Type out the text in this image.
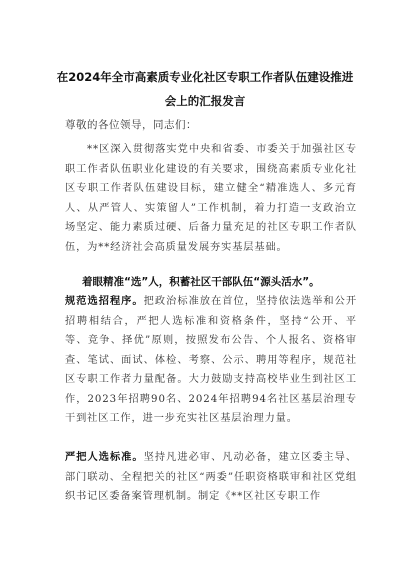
在2024年全市高素质专业化社区专职工作者队伍建设推进
会上的汇报发言
尊敬的各位领导，同志们：
**区深入贯彻落实党中央和省委、市委关于加强社区专职工作者队伍职业化建设的有关要求，围绕高素质专业化社区专职工作者队伍建设目标，建立健全“精准选人、多元育人、从严管人、实策留人”工作机制，着力打造一支政治立场坚定、能力素质过硬、后备力量充足的社区专职工作者队伍，为**经济社会高质量发展夯实基层基础。
着眼精准“选”人，积蓄社区干部队伍“源头活水”。
规范选招程序。把政治标准放在首位，坚持依法选举和公开招聘相结合，严把人选标准和资格条件，坚持“公开、平等、竞争、择优”原则，按照发布公告、个人报名、资格审查、笔试、面试、体检、考察、公示、聘用等程序，规范社区专职工作者力量配备。大力鼓励支持高校毕业生到社区工作，2023年招聘90名、2024年招聘94名社区基层治理专干到社区工作，进一步充实社区基层治理力量。
严把人选标准。坚持凡进必审、凡动必备，建立区委主导、部门联动、全程把关的社区“两委”任职资格联审和社区党组织书记区委备案管理机制。制定《**区社区专职工作
